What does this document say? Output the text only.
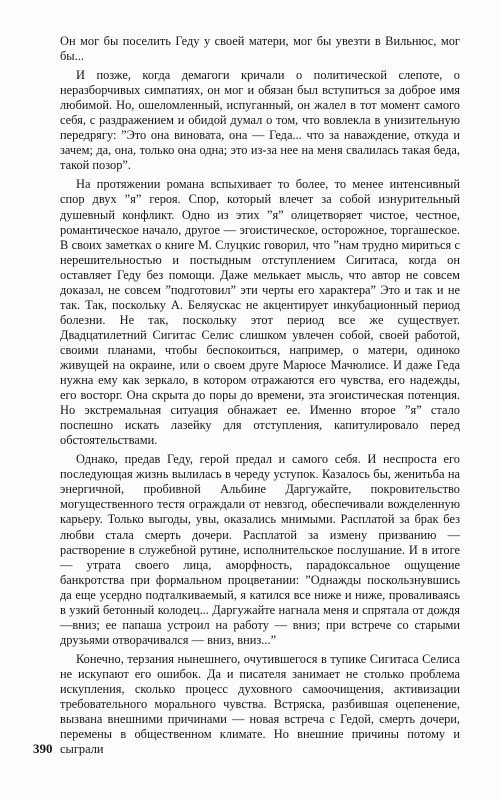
Он мог бы поселить Геду у своей матери, мог бы увезти в Вильнюс, мог бы...

И позже, когда демагоги кричали о политической слепоте, о неразборчивых симпатиях, он мог и обязан был вступиться за доброе имя любимой. Но, ошеломленный, испуганный, он жалел в тот момент самого себя, с раздражением и обидой думал о том, что вовлекла в унизительную передрягу: ”Это она виновата, она — Геда... что за наваждение, откуда и зачем; да, она, только она одна; это из-за нее на меня свалилась такая беда, такой позор”.

На протяжении романа вспыхивает то более, то менее интенсивный спор двух ”я” героя. Спор, который влечет за собой изнурительный душевный конфликт. Одно из этих ”я” олицетворяет чистое, честное, романтическое начало, другое — эгоистическое, осторожное, торгашеское. В своих заметках о книге М. Слуцкис говорил, что ”нам трудно мириться с нерешительностью и постыдным отступлением Сигитаса, когда он оставляет Геду без помощи. Даже мелькает мысль, что автор не совсем доказал, не совсем ”подготовил” эти черты его характера” Это и так и не так. Так, поскольку А. Беляускас не акцентирует инкубационный период болезни. Не так, поскольку этот период все же существует. Двадцатилетний Сигитас Селис слишком увлечен собой, своей работой, своими планами, чтобы беспокоиться, например, о матери, одиноко живущей на окраине, или о своем друге Марюсе Мачюлисе. И даже Геда нужна ему как зеркало, в котором отражаются его чувства, его надежды, его восторг. Она скрыта до поры до времени, эта эгоистическая потенция. Но экстремальная ситуация обнажает ее. Именно второе ”я” стало поспешно искать лазейку для отступления, капитулировало перед обстоятельствами.

Однако, предав Геду, герой предал и самого себя. И неспроста его последующая жизнь вылилась в череду уступок. Казалось бы, женитьба на энергичной, пробивной Альбине Даргужайте, покровительство могущественного тестя ограждали от невзгод, обеспечивали вожделенную карьеру. Только выгоды, увы, оказались мнимыми. Расплатой за брак без любви стала смерть дочери. Расплатой за измену призванию — растворение в служебной рутине, исполнительское послушание. И в итоге — утрата своего лица, аморфность, парадоксальное ощущение банкротства при формальном процветании: ”Однажды поскользнувшись да еще усердно подталкиваемый, я катился все ниже и ниже, проваливаясь в узкий бетонный колодец... Даргужайте нагнала меня и спрятала от дождя —вниз; ее папаша устроил на работу — вниз; при встрече со старыми друзьями отворачивался — вниз, вниз...”

Конечно, терзания нынешнего, очутившегося в тупике Сигитаса Селиса не искупают его ошибок. Да и писателя занимает не столько проблема искупления, сколько процесс духовного самоочищения, активизации требовательного морального чувства. Встряска, разбившая оцепенение, вызвана внешними причинами — новая встреча с Гедой, смерть дочери, перемены в общественном климате. Но внешние причины потому и сыграли

390
